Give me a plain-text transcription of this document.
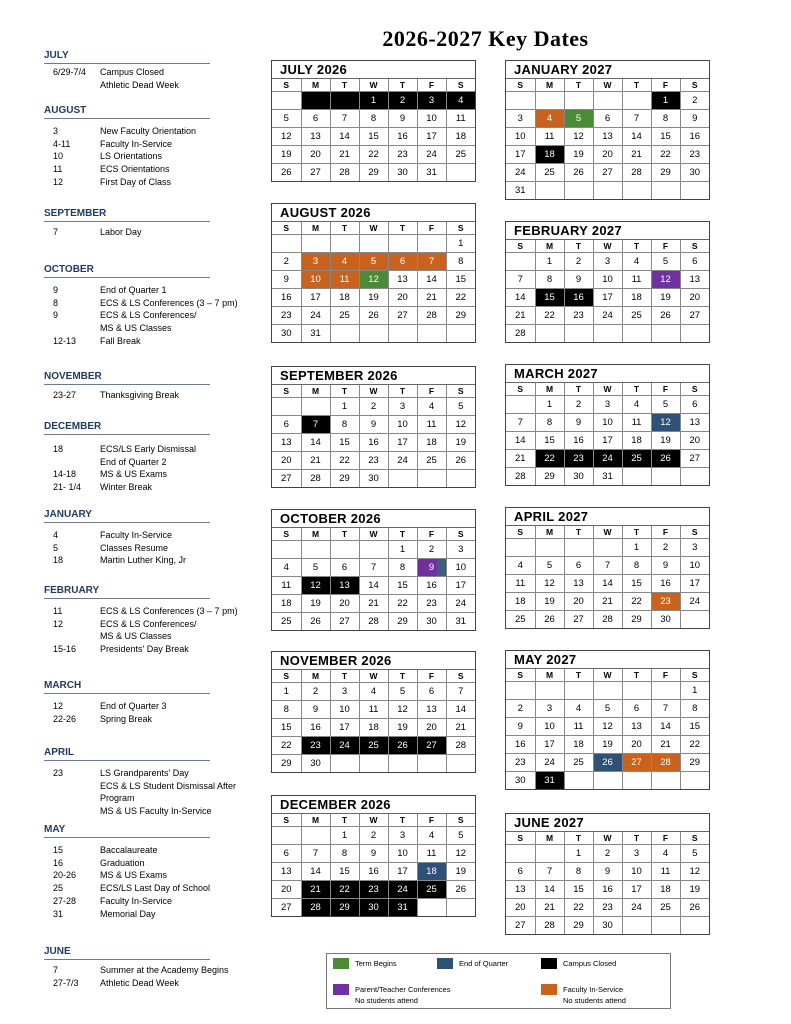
2026-2027 Key Dates
JULY
6/29-7/4	Campus Closed
Athletic Dead Week
AUGUST
3	New Faculty Orientation
4-11	Faculty In-Service
10	LS Orientations
11	ECS Orientations
12	First Day of Class
SEPTEMBER
7	Labor Day
OCTOBER
9	End of Quarter 1
8	ECS & LS Conferences (3 – 7 pm)
9	ECS & LS Conferences/
MS & US Classes
12-13	Fall Break
NOVEMBER
23-27	Thanksgiving Break
DECEMBER
18	ECS/LS Early Dismissal
End of Quarter 2
14-18	MS & US Exams
21- 1/4	Winter Break
JANUARY
4	Faculty In-Service
5	Classes Resume
18	Martin Luther King, Jr
FEBRUARY
11	ECS & LS Conferences (3 – 7 pm)
12	ECS & LS Conferences/
MS & US Classes
15-16	Presidents' Day Break
MARCH
12	End of Quarter 3
22-26	Spring Break
APRIL
23	LS Grandparents' Day
ECS & LS Student Dismissal After
Program
MS & US Faculty In-Service
MAY
15	Baccalaureate
16	Graduation
20-26	MS & US Exams
25	ECS/LS Last Day of School
27-28	Faculty In-Service
31	Memorial Day
JUNE
7	Summer at the Academy Begins
27-7/3	Athletic Dead Week
JULY 2026
S	M	T	W	T	F	S
			1	2	3	4
5	6	7	8	9	10	11
12	13	14	15	16	17	18
19	20	21	22	23	24	25
26	27	28	29	30	31	
AUGUST 2026
S	M	T	W	T	F	S
						1
2	3	4	5	6	7	8
9	10	11	12	13	14	15
16	17	18	19	20	21	22
23	24	25	26	27	28	29
30	31					
SEPTEMBER 2026
S	M	T	W	T	F	S
		1	2	3	4	5
6	7	8	9	10	11	12
13	14	15	16	17	18	19
20	21	22	23	24	25	26
27	28	29	30			
OCTOBER 2026
S	M	T	W	T	F	S
				1	2	3
4	5	6	7	8	9	10
11	12	13	14	15	16	17
18	19	20	21	22	23	24
25	26	27	28	29	30	31
NOVEMBER 2026
S	M	T	W	T	F	S
1	2	3	4	5	6	7
8	9	10	11	12	13	14
15	16	17	18	19	20	21
22	23	24	25	26	27	28
29	30					
DECEMBER 2026
S	M	T	W	T	F	S
		1	2	3	4	5
6	7	8	9	10	11	12
13	14	15	16	17	18	19
20	21	22	23	24	25	26
27	28	29	30	31		
JANUARY 2027
S	M	T	W	T	F	S
					1	2
3	4	5	6	7	8	9
10	11	12	13	14	15	16
17	18	19	20	21	22	23
24	25	26	27	28	29	30
31						
FEBRUARY 2027
S	M	T	W	T	F	S
	1	2	3	4	5	6
7	8	9	10	11	12	13
14	15	16	17	18	19	20
21	22	23	24	25	26	27
28						
MARCH 2027
S	M	T	W	T	F	S
	1	2	3	4	5	6
7	8	9	10	11	12	13
14	15	16	17	18	19	20
21	22	23	24	25	26	27
28	29	30	31			
APRIL 2027
S	M	T	W	T	F	S
				1	2	3
4	5	6	7	8	9	10
11	12	13	14	15	16	17
18	19	20	21	22	23	24
25	26	27	28	29	30	
MAY 2027
S	M	T	W	T	F	S
						1
2	3	4	5	6	7	8
9	10	11	12	13	14	15
16	17	18	19	20	21	22
23	24	25	26	27	28	29
30	31					
JUNE 2027
S	M	T	W	T	F	S
		1	2	3	4	5
6	7	8	9	10	11	12
13	14	15	16	17	18	19
20	21	22	23	24	25	26
27	28	29	30			
Term Begins	End of Quarter	Campus Closed
Parent/Teacher Conferences
No students attend
Faculty In-Service
No students attend
